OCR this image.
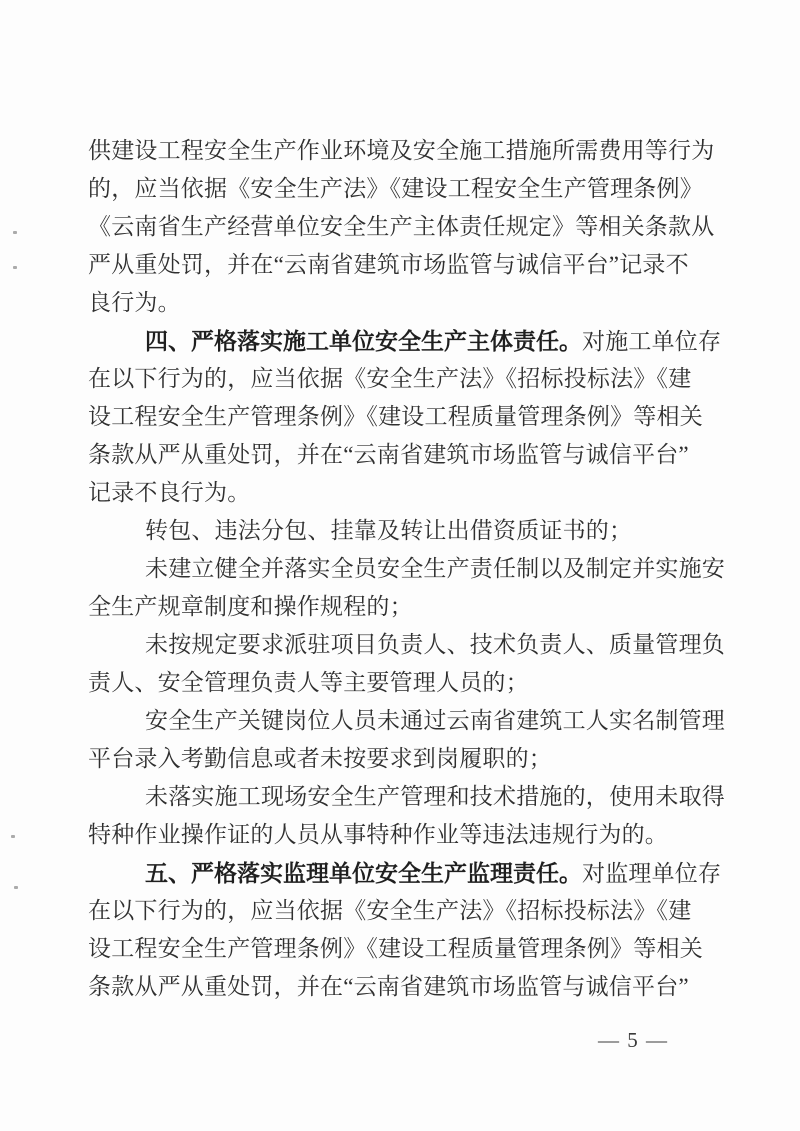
供建设工程安全生产作业环境及安全施工措施所需费用等行为
的，应当依据《安全生产法》《建设工程安全生产管理条例》
《云南省生产经营单位安全生产主体责任规定》等相关条款从
严从重处罚，并在“云南省建筑市场监管与诚信平台”记录不
良行为。
四、严格落实施工单位安全生产主体责任。对施工单位存
在以下行为的，应当依据《安全生产法》《招标投标法》《建
设工程安全生产管理条例》《建设工程质量管理条例》等相关
条款从严从重处罚，并在“云南省建筑市场监管与诚信平台”
记录不良行为。
转包、违法分包、挂靠及转让出借资质证书的；
未建立健全并落实全员安全生产责任制以及制定并实施安
全生产规章制度和操作规程的；
未按规定要求派驻项目负责人、技术负责人、质量管理负
责人、安全管理负责人等主要管理人员的；
安全生产关键岗位人员未通过云南省建筑工人实名制管理
平台录入考勤信息或者未按要求到岗履职的；
未落实施工现场安全生产管理和技术措施的，使用未取得
特种作业操作证的人员从事特种作业等违法违规行为的。
五、严格落实监理单位安全生产监理责任。对监理单位存
在以下行为的，应当依据《安全生产法》《招标投标法》《建
设工程安全生产管理条例》《建设工程质量管理条例》等相关
条款从严从重处罚，并在“云南省建筑市场监管与诚信平台”
— 5 —
